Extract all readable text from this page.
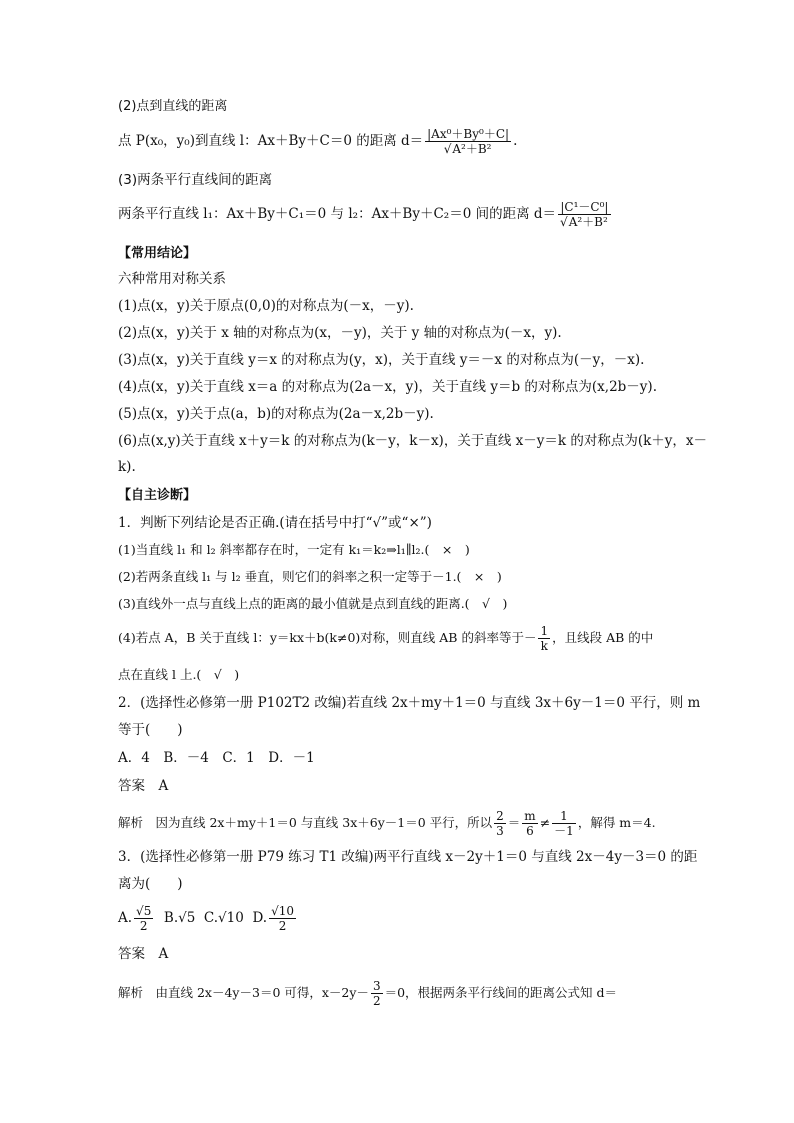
(2)点到直线的距离
点 P(x₀，y₀)到直线 l：Ax＋By＋C＝0 的距离 $d= \frac{\text{|Ax⁰＋By⁰＋C|}}{\text{√A²＋B²}}$ .
(3)两条平行直线间的距离
两条平行直线 l₁：Ax＋By＋C₁＝0 与 l₂：Ax＋By＋C₂＝0 间的距离 $d= \frac{\text{|C¹－C⁰|}}{\text{√A²＋B²}}$
【常用结论】
六种常用对称关系
(1)点(x，y)关于原点(0,0)的对称点为(－x，－y).
(2)点(x，y)关于 x 轴的对称点为(x，－y)，关于 y 轴的对称点为(－x，y).
(3)点(x，y)关于直线 y＝x 的对称点为(y，x)，关于直线 y＝－x 的对称点为(－y，－x).
(4)点(x，y)关于直线 x＝a 的对称点为(2a－x，y)，关于直线 y＝b 的对称点为(x,2b－y).
(5)点(x，y)关于点(a，b)的对称点为(2a－x,2b－y).
(6)点(x,y)关于直线 x＋y＝k 的对称点为(k－y，k－x)，关于直线 x－y＝k 的对称点为(k＋y，x－
k).
【自主诊断】
1．判断下列结论是否正确.(请在括号中打“√”或“×”)
(1)当直线 l₁ 和 l₂ 斜率都存在时，一定有 k₁＝k₂⇒l₁∥l₂.(　×　)
(2)若两条直线 l₁ 与 l₂ 垂直，则它们的斜率之积一定等于－1.(　×　)
(3)直线外一点与直线上点的距离的最小值就是点到直线的距离.(　√　)
(4)若点 A，B 关于直线 l：y＝kx＋b(k≠0)对称，则直线 AB 的斜率等于－ $\frac{1}{k}$ ，且线段 AB 的中
点在直线 l 上.(　√　)
2．(选择性必修第一册 P102T2 改编)若直线 2x＋my＋1＝0 与直线 3x＋6y－1＝0 平行，则 m
等于(　　)
A．4　B．－4　C．1　D．－1
答案　A
解析　因为直线 2x＋my＋1＝0 与直线 3x＋6y－1＝0 平行，所以 $\frac{2}{3} = \frac{m}{6} \ne \frac{1}{-1}$ ，解得 m＝4.
3．(选择性必修第一册 P79 练习 T1 改编)两平行直线 x－2y＋1＝0 与直线 2x－4y－3＝0 的距
离为(　　)
A. $\frac{√5}{2} B.√5$ C.√10 D. $\frac{√10}{2}$
答案　A
解析　由直线 2x－4y－3＝0 可得，$x-2y- \frac{3}{2} =0$，根据两条平行线间的距离公式知 d＝
